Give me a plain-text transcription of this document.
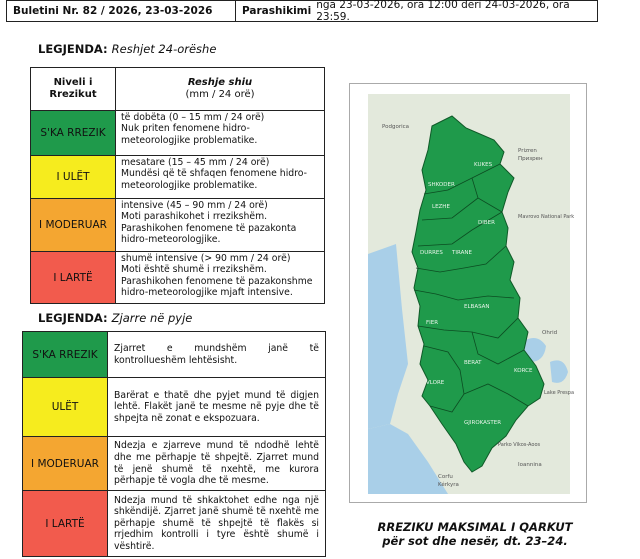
Buletini Nr. 82 / 2026, 23-03-2026	Parashikimi nga 23-03-2026, ora 12:00 deri 24-03-2026, ora 23:59.
LEGJENDA: Reshjet 24-orëshe
Niveli i Rrezikut	Reshje shiu
(mm / 24 orë)
S'KA RREZIK	të dobëta (0 – 15 mm / 24 orë)
Nuk priten fenomene hidro-meteorologjike problematike.

I ULËT	mesatare (15 – 45 mm / 24 orë)
Mundësi që të shfaqen fenomene hidro-meteorologjike problematike.

I MODERUAR	intensive (45 – 90 mm / 24 orë)
Moti parashikohet i rrezikshëm. Parashikohen fenomene të pazakonta hidro-meteorologjike.

I LARTË	shumë intensive (> 90 mm / 24 orë)
Moti është shumë i rrezikshëm. Parashikohen fenomene të pazakonshme hidro-meteorologjike mjaft intensive.
LEGJENDA: Zjarre në pyje
S'KA RREZIK	Zjarret e mundshëm janë të kontrollueshëm lehtësisht.
ULËT	Barërat e thatë dhe pyjet mund të digjen lehtë. Flakët janë te mesme në pyje dhe të shpejta në zonat e ekspozuara.
I MODERUAR	Ndezja e zjarreve mund të ndodhë lehtë dhe me përhapje të shpejtë. Zjarret mund të jenë shumë të nxehtë, me kurora përhapje të vogla dhe të mesme.
I LARTË	Ndezja mund të shkaktohet edhe nga një shkëndijë. Zjarret janë shumë të nxehtë me përhapje shumë të shpejtë të flakës si rrjedhim kontrolli i tyre është shumë i vështirë.
SHKODER
KUKES
LEZHE
DIBER
DURRES TIRANE
ELBASAN
FIER
BERAT
KORCE
VLORE
GJIROKASTER
Podgorica
Prizren
Призрен
Mavrovo National Park
Ohrid
Lake Prespa
Ioannina
Corfu
Kérkyra
Parko Vikos-Aoos
RREZIKU MAKSIMAL I QARKUT
për sot dhe nesër, dt. 23–24.
